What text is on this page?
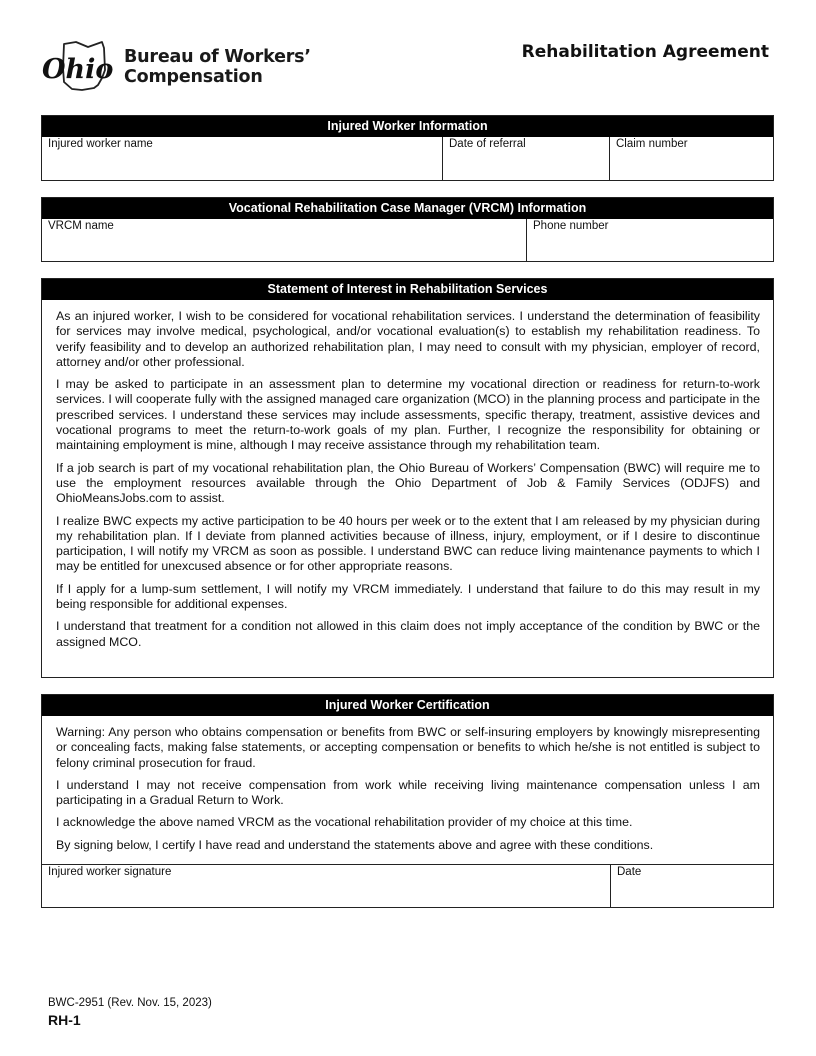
Ohio Bureau of Workers’
Compensation
Rehabilitation Agreement
Injured Worker Information
Injured worker name	Date of referral	Claim number
Vocational Rehabilitation Case Manager (VRCM) Information
VRCM name	Phone number
Statement of Interest in Rehabilitation Services

As an injured worker, I wish to be considered for vocational rehabilitation services. I understand the determination of feasibility for services may involve medical, psychological, and/or vocational evaluation(s) to establish my rehabilitation readiness. To verify feasibility and to develop an authorized rehabilitation plan, I may need to consult with my physician, employer of record, attorney and/or other professional.

I may be asked to participate in an assessment plan to determine my vocational direction or readiness for return-to-work services. I will cooperate fully with the assigned managed care organization (MCO) in the planning process and participate in the prescribed services. I understand these services may include assessments, specific therapy, treatment, assistive devices and vocational programs to meet the return-to-work goals of my plan. Further, I recognize the responsibility for obtaining or maintaining employment is mine, although I may receive assistance through my rehabilitation team.

If a job search is part of my vocational rehabilitation plan, the Ohio Bureau of Workers’ Compensation (BWC) will require me to use the employment resources available through the Ohio Department of Job & Family Services (ODJFS) and OhioMeansJobs.com to assist.

I realize BWC expects my active participation to be 40 hours per week or to the extent that I am released by my physician during my rehabilitation plan. If I deviate from planned activities because of illness, injury, employment, or if I desire to discontinue participation, I will notify my VRCM as soon as possible. I understand BWC can reduce living maintenance payments to which I may be entitled for unexcused absence or for other appropriate reasons.

If I apply for a lump-sum settlement, I will notify my VRCM immediately. I understand that failure to do this may result in my being responsible for additional expenses.

I understand that treatment for a condition not allowed in this claim does not imply acceptance of the condition by BWC or the assigned MCO.

Injured Worker Certification

Warning: Any person who obtains compensation or benefits from BWC or self-insuring employers by knowingly misrepresenting or concealing facts, making false statements, or accepting compensation or benefits to which he/she is not entitled is subject to felony criminal prosecution for fraud.

I understand I may not receive compensation from work while receiving living maintenance compensation unless I am participating in a Gradual Return to Work.

I acknowledge the above named VRCM as the vocational rehabilitation provider of my choice at this time.

By signing below, I certify I have read and understand the statements above and agree with these conditions.

Injured worker signature	Date
BWC-2951 (Rev. Nov. 15, 2023)
RH-1
